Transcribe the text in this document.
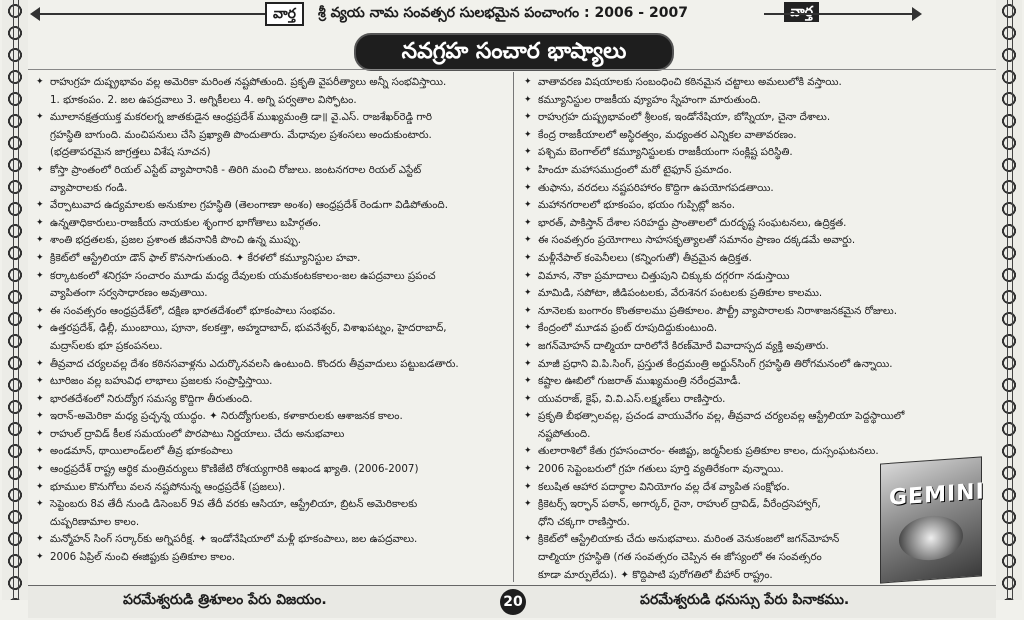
వార్త	శ్రీ వ్యయ నామ సంవత్సర సులభమైన పంచాంగం : 2006 - 2007	వార్త
నవగ్రహ సంచార భాష్యాలు
✦ రాహుగ్రహ దుష్ప్రభావం వల్ల అమెరికా మరింత నష్టపోతుంది. ప్రకృతి వైపరీత్యాలు అన్నీ సంభవిస్తాయి.
1. భూకంపం. 2. జల ఉపద్రవాలు 3. అగ్నికీలలు 4. అగ్ని పర్వతాల విస్ఫోటం.
✦ మూలానక్షత్రయుక్త మకరలగ్న జాతకుడైన ఆంధ్రప్రదేశ్ ముఖ్యమంత్రి డా॥ వై.ఎస్. రాజశేఖర్‌రెడ్డి గారి
గ్రహస్థితి బాగుంది. మంచిపనులు చేసి ప్రఖ్యాతి పొందుతారు. మేధావుల ప్రశంసలు అందుకుంటారు.
(భద్రతాపరమైన జాగ్రత్తలు విశేష సూచన)
✦ కోస్తా ప్రాంతంలో రియల్ ఎస్టేట్ వ్యాపారానికి - తిరిగి మంచి రోజులు. జంటనగరాల రియల్ ఎస్టేట్
వ్యాపారాలకు గండి.
✦ వేర్పాటువాద ఉద్యమాలకు అనుకూల గ్రహస్థితి (తెలంగాణా అంశం) ఆంధ్రప్రదేశ్ రెండుగా విడిపోతుంది.
✦ ఉన్నతాధికారులు-రాజకీయ నాయకుల శృంగార భాగోతాలు బహిర్గతం.
✦ శాంతి భద్రతలకు, ప్రజల ప్రశాంత జీవనానికి పొంచి ఉన్న ముప్పు.
✦ క్రికెట్‌లో ఆస్ట్రేలియా డౌన్ ఫాల్ కొనసాగుతుంది. ✦ కేరళలో కమ్యూనిస్టుల హవా.
✦ కర్కాటకంలో శనిగ్రహ సంచారం మూడు మధ్య దేవులకు యమకంటకకాలం-జల ఉపద్రవాలు ప్రపంచ
వ్యాపితంగా సర్వసాధారణం అవుతాయి.
✦ ఈ సంవత్సరం ఆంధ్రప్రదేశ్‌లో, దక్షిణ భారతదేశంలో భూకంపాలు సంభవం.
✦ ఉత్తరప్రదేశ్, ఢిల్లీ, ముంబాయి, పూనా, కలకత్తా, అహ్మదాబాద్, భువనేశ్వర్, విశాఖపట్నం, హైదరాబాద్,
మద్రాస్‌లకు భూ ప్రకంపనలు.
✦ తీవ్రవాద చర్యలవల్ల దేశం కఠినసవాళ్లను ఎదుర్కొనవలసి ఉంటుంది. కొందరు తీవ్రవాదులు పట్టుబడతారు.
✦ టూరిజం వల్ల బహువిధ లాభాలు ప్రజలకు సంప్రాప్తిస్తాయి.
✦ భారతదేశంలో నిరుద్యోగ సమస్య కొద్దిగా తీరుతుంది.
✦ ఇరాన్-అమెరికా మధ్య ప్రచ్ఛన్న యుద్ధం. ✦ నిరుద్యోగులకు, కళాకారులకు ఆశాజనక కాలం.
✦ రాహుల్ ద్రావిడ్ కీలక సమయంలో పొరపాటు నిర్ణయాలు. చేదు అనుభవాలు
✦ అండమాన్, థాయిలాండ్‌లలో తీవ్ర భూకంపాలు
✦ ఆంధ్రప్రదేశ్ రాష్ట్ర ఆర్థిక మంత్రివర్యులు కొణిజేటి రోశయ్యగారికి అఖండ ఖ్యాతి. (2006-2007)
✦ భూముల కొనుగోలు వలన నష్టపోనున్న ఆంధ్రప్రదేశ్ (ప్రజలు).
✦ సెప్టెంబరు 8వ తేదీ నుండి డిసెంబర్ 9వ తేదీ వరకు ఆసియా, ఆస్ట్రేలియా, బ్రిటన్ అమెరికాలకు
దుష్పరిణామాల కాలం.
✦ మన్మోహన్ సింగ్ సర్కార్‌కు అగ్నిపరీక్ష. ✦ ఇండోనేషియాలో మళ్లీ భూకంపాలు, జల ఉపద్రవాలు.
✦ 2006 ఏప్రిల్ నుంచి ఈజిప్టుకు ప్రతికూల కాలం.
✦ వాతావరణ విషయాలకు సంబంధించి కఠినమైన చట్టాలు అమలులోకి వస్తాయి.
✦ కమ్యూనిస్టుల రాజకీయ వ్యూహం స్నేహంగా మారుతుంది.
✦ రాహుగ్రహ దుష్ప్రభావంలో శ్రీలంక, ఇండోనేషియా, బోస్నియా, చైనా దేశాలు.
✦ కేంద్ర రాజకీయాలలో అస్థిరత్వం, మధ్యంతర ఎన్నికల వాతావరణం.
✦ పశ్చిమ బెంగాల్‌లో కమ్యూనిస్టులకు రాజకీయంగా సంక్లిష్ట పరిస్థితి.
✦ హిందూ మహాసముద్రంలో మరో టైఫూన్ ప్రమాదం.
✦ తుఫాను, వరదలు నష్టపరిహారం కొద్దిగా ఉపయోగపడతాయి.
✦ మహానగరాలలో భూకంపం, భయం గుప్పిట్లో జనం.
✦ భారత్, పాకిస్తాన్ దేశాల సరిహద్దు ప్రాంతాలలో దురదృష్ట సంఘటనలు, ఉద్రిక్తత.
✦ ఈ సంవత్సరం ప్రయోగాలు సాహసకృత్యాలతో సమానం ప్రాణం దక్కడమే అవార్డు.
✦ మళ్లీనేపాల్ కంపెనీలలు (కన్నింగుతో) తీవ్రమైన ఉద్రిక్తత.
✦ విమాన, నౌకా ప్రమాదాలు చిత్తుపుని చిక్కుకు దగ్గరగా నడుస్తాయి
✦ మామిడి, సపోటా, జీడిపంటలకు, వేరుశెనగ పంటలకు ప్రతికూల కాలము.
✦ నూనెలకు బంగారం కొంతకాలము ప్రతికూలం. పౌల్ట్రీ వ్యాపారాలకు నిరాశాజనకమైన రోజులు.
✦ కేంద్రంలో మూడవ ఫ్రంట్ రూపుదిద్దుకుంటుంది.
✦ జగన్‌మోహన్ దాల్మియా దారిలోనే కిరణ్‌మోరే వివాదాస్పద వ్యక్తి అవుతారు.
✦ మాజీ ప్రధాని వి.పి.సింగ్, ప్రస్తుత కేంద్రమంత్రి అర్జున్‌సింగ్ గ్రహస్థితి తిరోగమనంలో ఉన్నాయి.
✦ కష్టాల ఊబిలో గుజరాత్ ముఖ్యమంత్రి నరేంద్రమోడీ.
✦ యువరాజ్, కైఫ్, వి.వి.ఎస్.లక్ష్మణ్‌లు రాణిస్తారు.
✦ ప్రకృతి బీభత్సాలవల్ల, ప్రచండ వాయువేగం వల్ల, తీవ్రవాద చర్యలవల్ల ఆస్ట్రేలియా పెద్దస్థాయిలో
నష్టపోతుంది.
✦ తులారాశిలో కేతు గ్రహసంచారం- ఈజిప్టు, జర్మనీలకు ప్రతికూల కాలం, దుస్సంఘటనలు.
✦ 2006 సెప్టెంబరులో గ్రహ గతులు పూర్తి వ్యతిరేకంగా వున్నాయి.
✦ కలుషిత ఆహార పదార్థాల వినియోగం వల్ల దేశ వ్యాపిత సంక్షోభం.
✦ క్రికెటర్స్ ఇర్ఫాన్ పఠాన్, అగార్కర్, రైనా, రాహుల్ ద్రావిడ్, వీరేంద్రసెహ్వాగ్,
ధోని చక్కగా రాణిస్తారు.
✦ క్రికెట్‌లో ఆస్ట్రేలియాకు చేదు అనుభవాలు. మరింత వెనుకంజలో జగన్‌మోహన్
దాల్మియా గ్రహస్థితి (గత సంవత్సరం చెప్పిన ఈ జోస్యంలో ఈ సంవత్సరం
కూడా మార్పులేదు). ✦ కొద్దిపాటి పురోగతిలో బీహార్ రాష్ట్రం.
GEMINI
పరమేశ్వరుడి త్రిశూలం పేరు విజయం.	20	పరమేశ్వరుడి ధనుస్సు పేరు పినాకము.
